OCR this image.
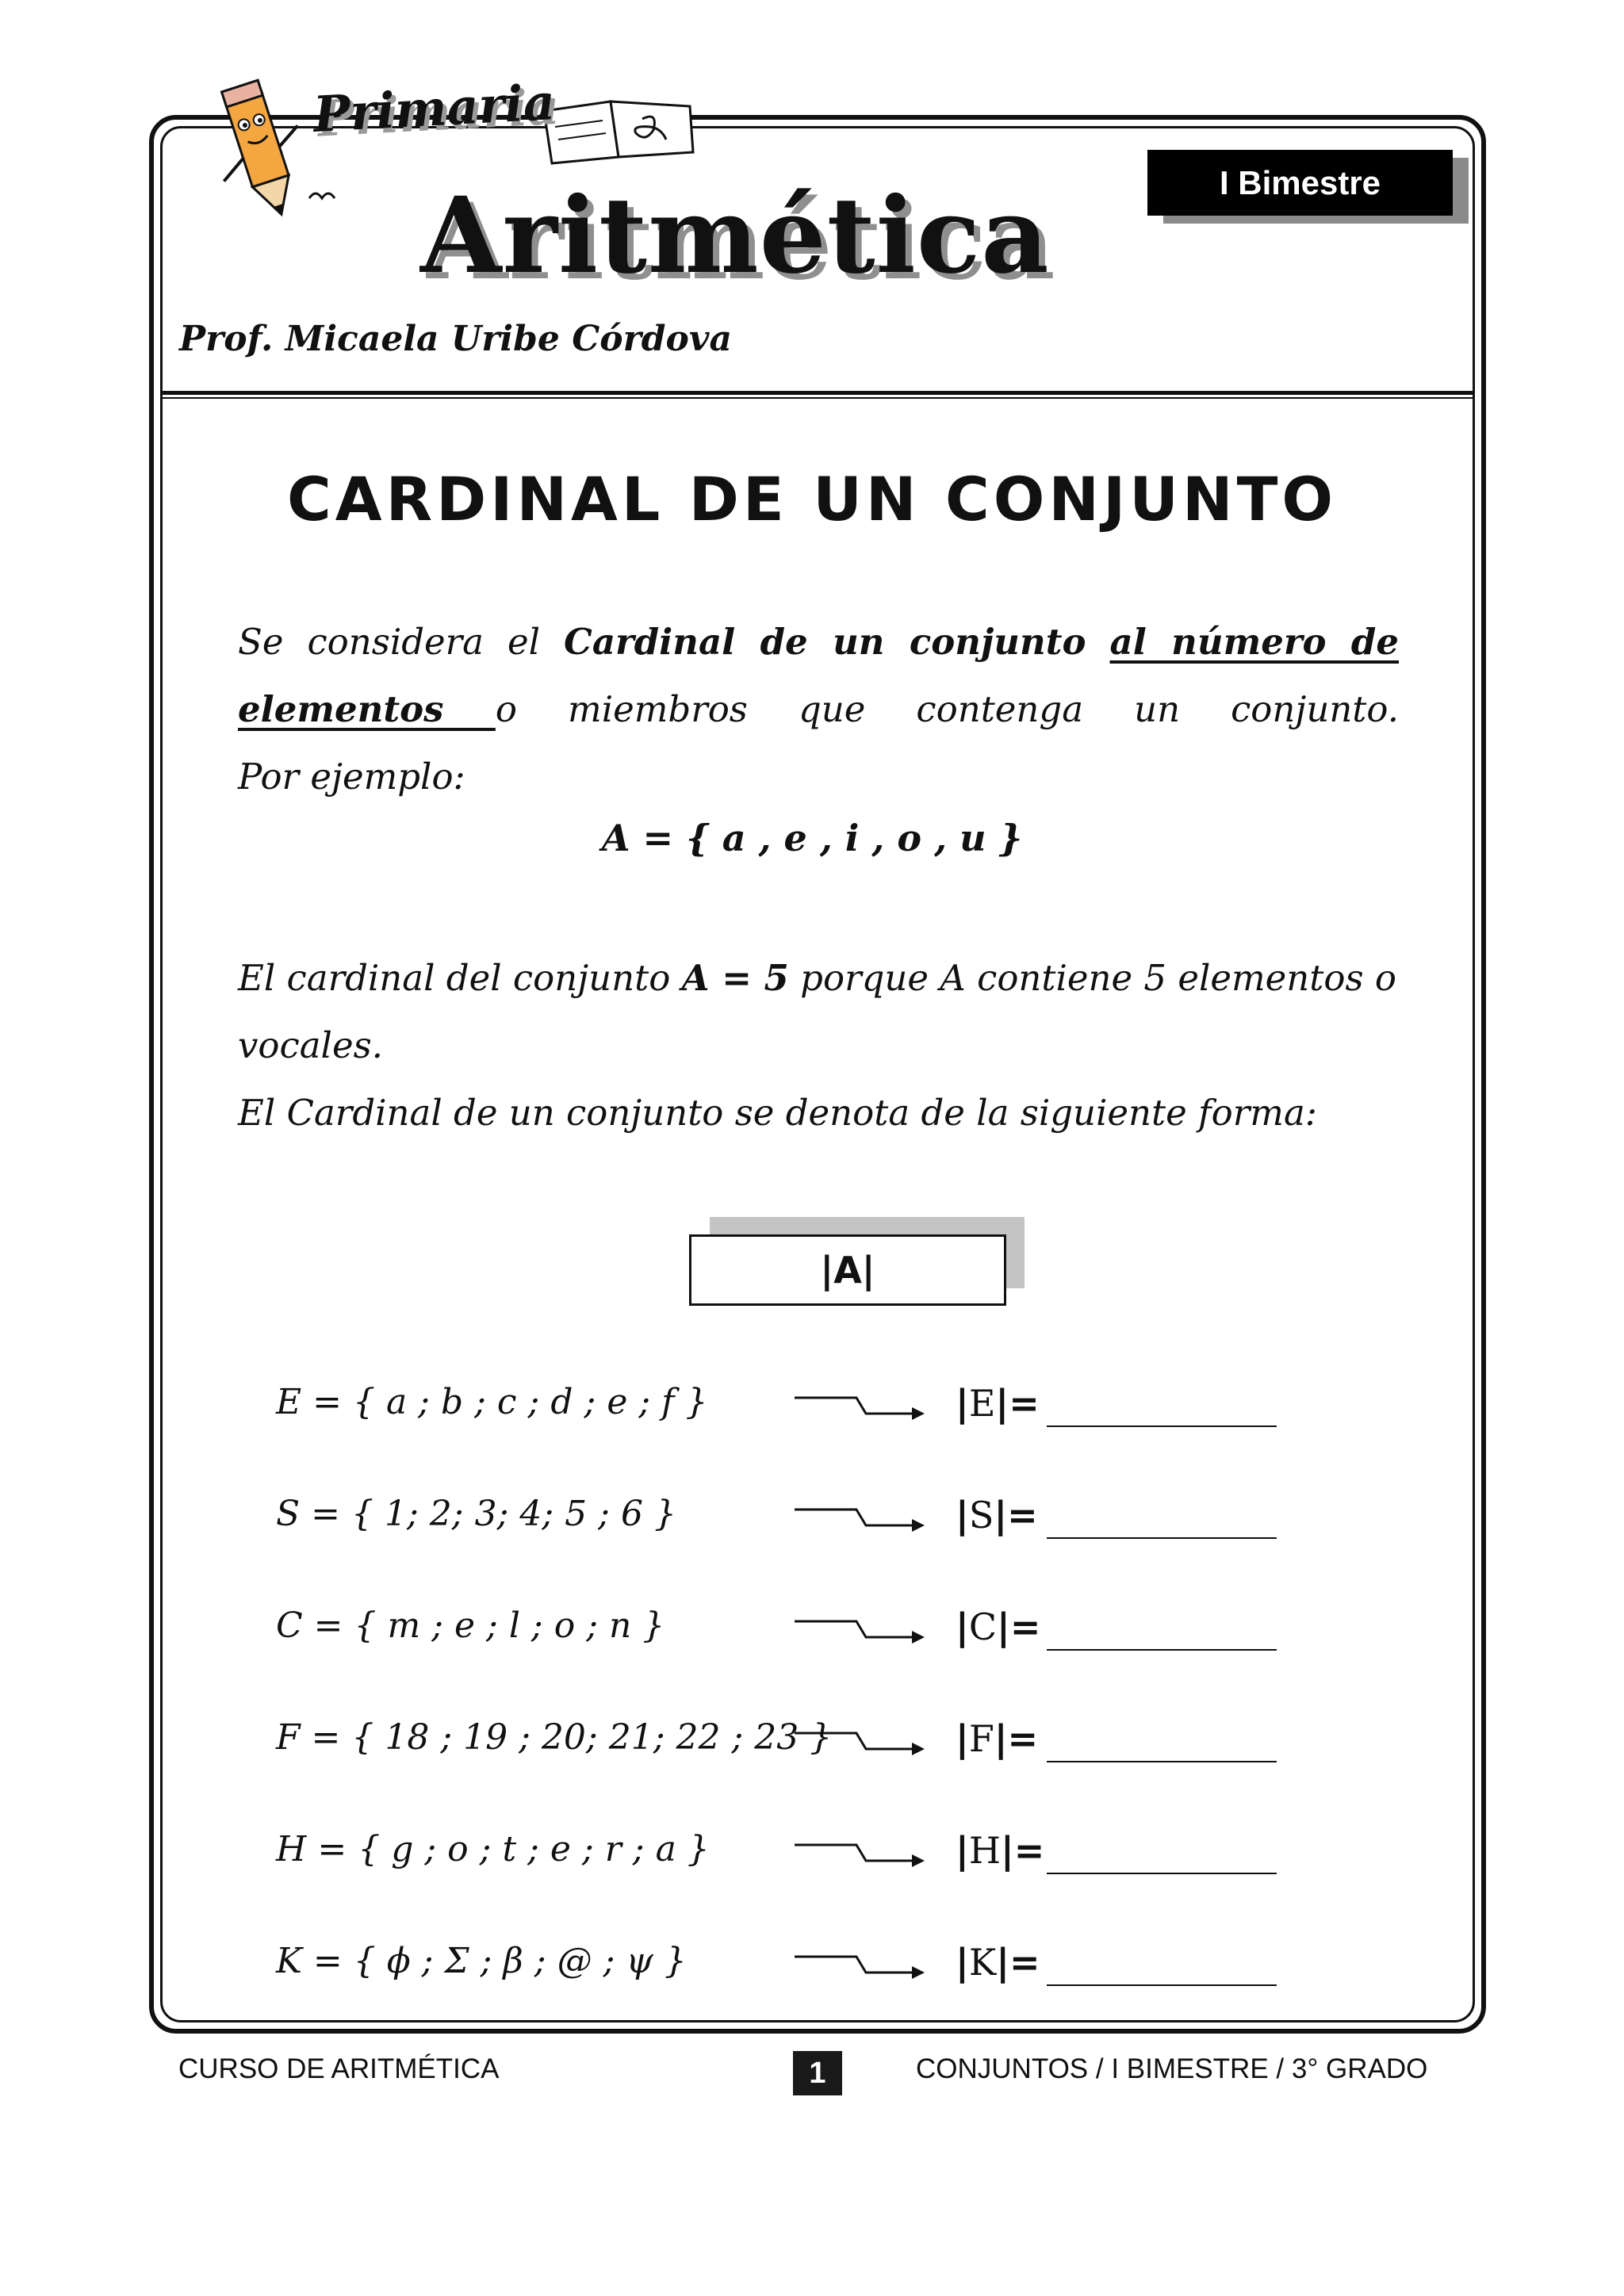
Primaria
Aritmética	I Bimestre
Prof. Micaela Uribe Córdova
CARDINAL DE UN CONJUNTO
Se considera el Cardinal de un conjunto al número de elementos o miembros que contenga un conjunto.
Por ejemplo:
A = { a , e , i , o , u }
El cardinal del conjunto A = 5 porque A contiene 5 elementos o vocales.
El Cardinal de un conjunto se denota de la siguiente forma:
|A|
E = { a ; b ; c ; d ; e ; f }	|E|=
S = { 1; 2; 3; 4; 5 ; 6 }	|S|=
C = { m ; e ; l ; o ; n }	|C|=
F = { 18 ; 19 ; 20; 21; 22 ; 23 }	|F|=
H = { g ; o ; t ; e ; r ; a }	|H|=
K = { ϕ ; Σ ; β ; @ ; ψ }	|K|=
CURSO DE ARITMÉTICA	1	CONJUNTOS / I BIMESTRE / 3° GRADO
